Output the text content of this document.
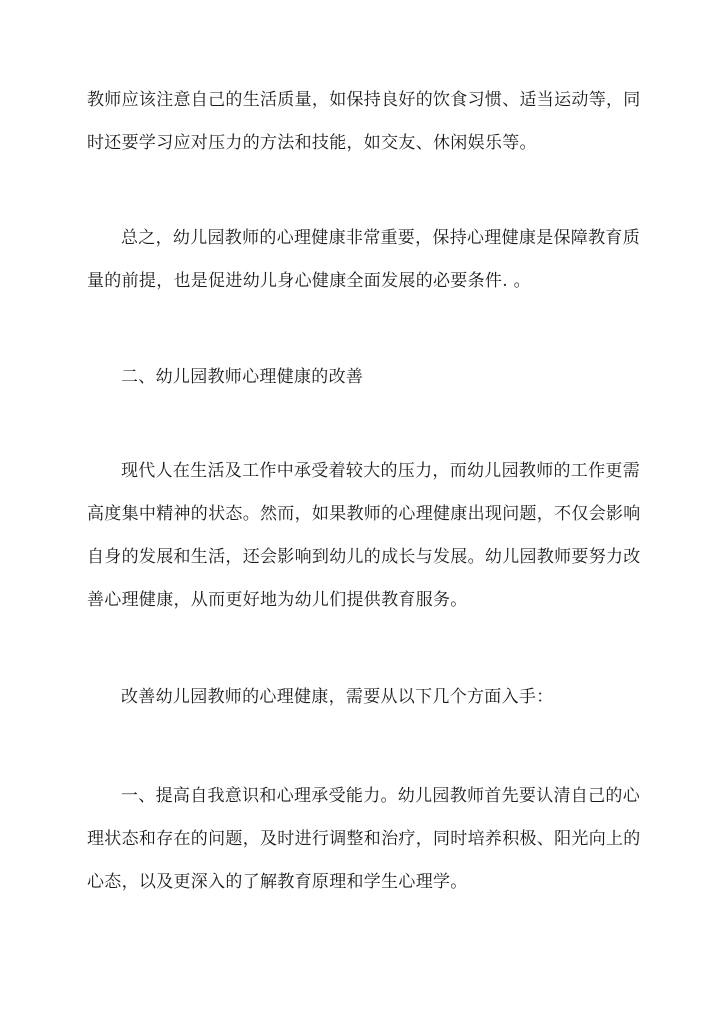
教师应该注意自己的生活质量，如保持良好的饮食习惯、适当运动等，同
时还要学习应对压力的方法和技能，如交友、休闲娱乐等。
总之，幼儿园教师的心理健康非常重要，保持心理健康是保障教育质
量的前提，也是促进幼儿身心健康全面发展的必要条件. 。
二、幼儿园教师心理健康的改善
现代人在生活及工作中承受着较大的压力，而幼儿园教师的工作更需
高度集中精神的状态。然而，如果教师的心理健康出现问题，不仅会影响
自身的发展和生活，还会影响到幼儿的成长与发展。幼儿园教师要努力改
善心理健康，从而更好地为幼儿们提供教育服务。
改善幼儿园教师的心理健康，需要从以下几个方面入手：
一、提高自我意识和心理承受能力。幼儿园教师首先要认清自己的心
理状态和存在的问题，及时进行调整和治疗，同时培养积极、阳光向上的
心态，以及更深入的了解教育原理和学生心理学。
